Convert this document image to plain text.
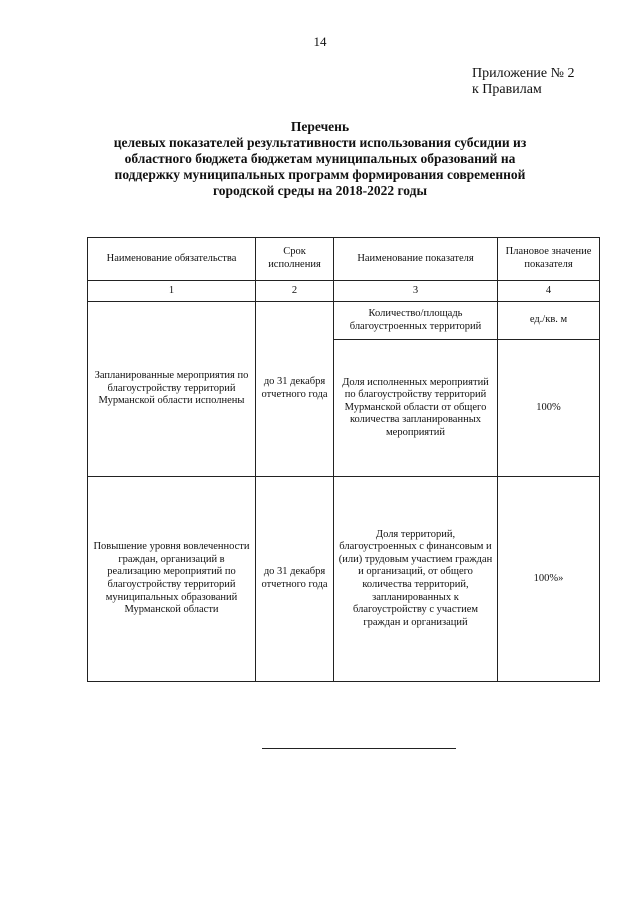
14
Приложение № 2
к Правилам
Перечень
целевых показателей результативности использования субсидии из
областного бюджета бюджетам муниципальных образований на
поддержку муниципальных программ формирования современной
городской среды на 2018-2022 годы
Наименование обязательства	Срок исполнения	Наименование показателя	Плановое значение показателя
1	2	3	4
Запланированные мероприятия по благоустройству территорий Мурманской области исполнены	до 31 декабря отчетного года	Количество/площадь благоустроенных территорий	ед./кв. м
		Доля исполненных мероприятий по благоустройству территорий Мурманской области от общего количества запланированных мероприятий	100%
Повышение уровня вовлеченности граждан, организаций в реализацию мероприятий по благоустройству территорий муниципальных образований Мурманской области	до 31 декабря отчетного года	Доля территорий, благоустроенных с финансовым и (или) трудовым участием граждан и организаций, от общего количества территорий, запланированных к благоустройству с участием граждан и организаций	100%»
